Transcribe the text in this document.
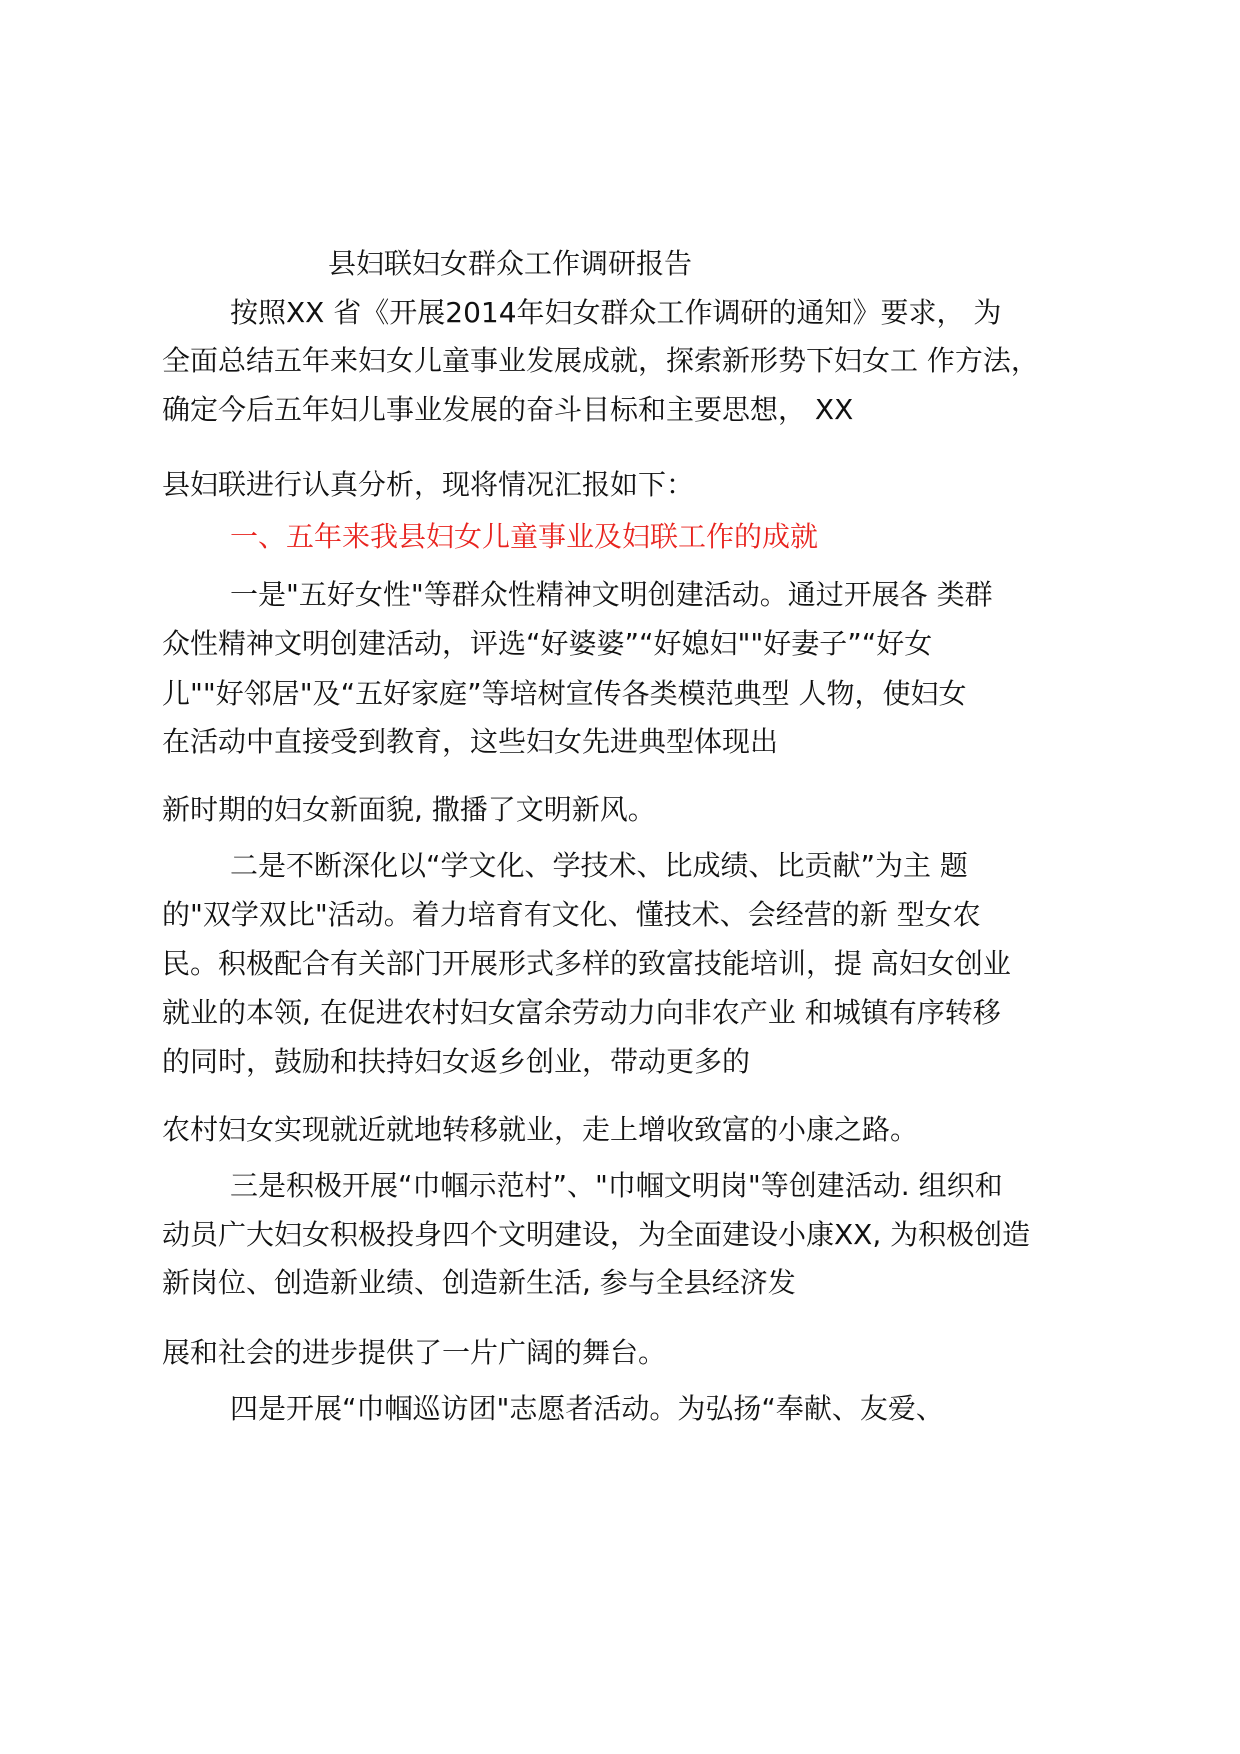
县妇联妇女群众工作调研报告
按照XX 省《开展2014年妇女群众工作调研的通知》要求， 为
全面总结五年来妇女儿童事业发展成就，探索新形势下妇女工 作方法，
确定今后五年妇儿事业发展的奋斗目标和主要思想， XX
县妇联进行认真分析，现将情况汇报如下：
一、五年来我县妇女儿童事业及妇联工作的成就
一是"五好女性"等群众性精神文明创建活动。通过开展各 类群
众性精神文明创建活动，评选“好婆婆”“好媳妇""好妻子”“好女
儿""好邻居"及“五好家庭”等培树宣传各类模范典型 人物，使妇女
在活动中直接受到教育，这些妇女先进典型体现出
新时期的妇女新面貌, 撒播了文明新风。
二是不断深化以“学文化、学技术、比成绩、比贡献”为主 题
的"双学双比"活动。着力培育有文化、懂技术、会经营的新 型女农
民。积极配合有关部门开展形式多样的致富技能培训，提 高妇女创业
就业的本领, 在促进农村妇女富余劳动力向非农产业 和城镇有序转移
的同时，鼓励和扶持妇女返乡创业，带动更多的
农村妇女实现就近就地转移就业，走上增收致富的小康之路。
三是积极开展“巾帼示范村”、"巾帼文明岗"等创建活动. 组织和
动员广大妇女积极投身四个文明建设，为全面建设小康XX, 为积极创造
新岗位、创造新业绩、创造新生活, 参与全县经济发
展和社会的进步提供了一片广阔的舞台。
四是开展“巾帼巡访团"志愿者活动。为弘扬“奉献、友爱、
